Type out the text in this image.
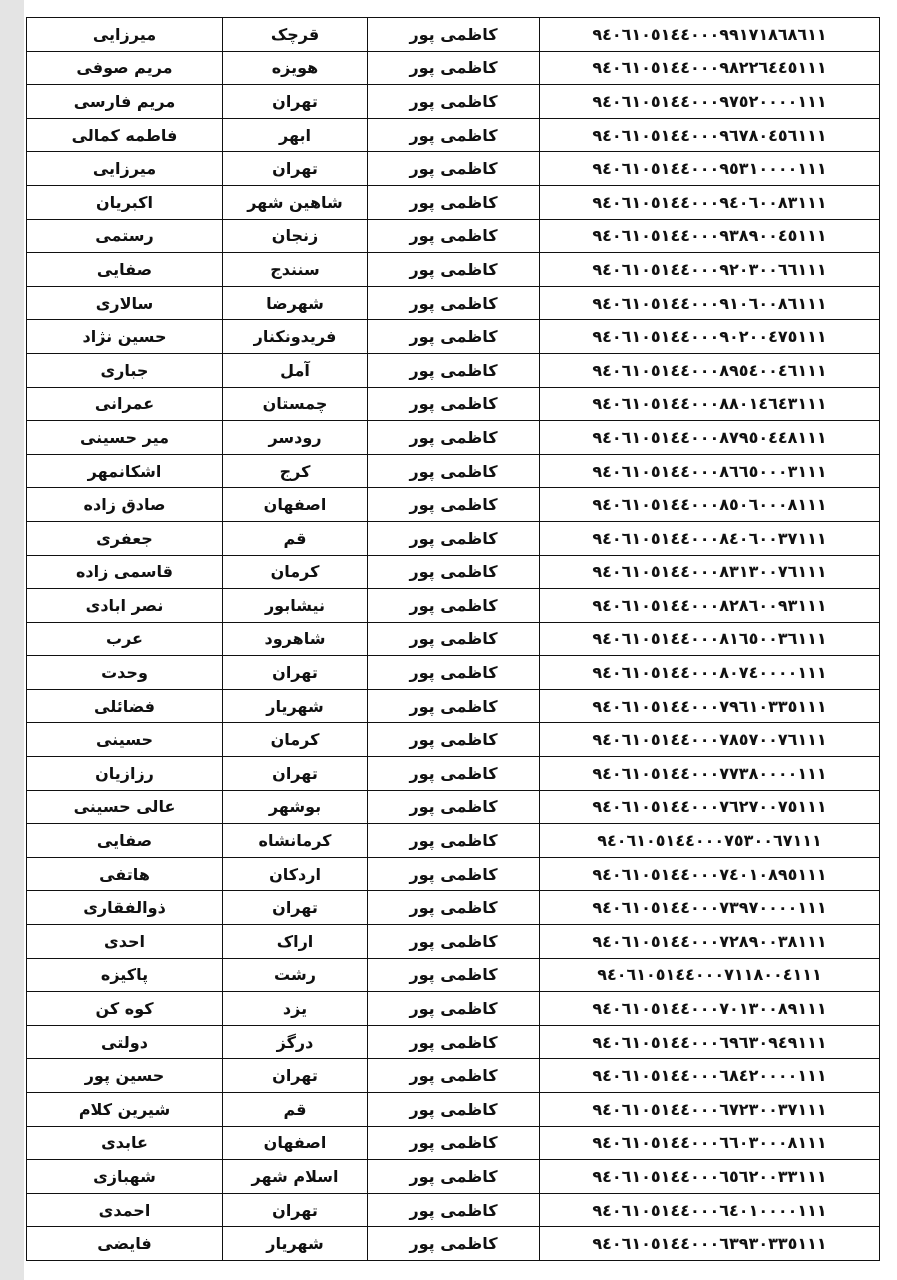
میرزایی	قرچک	کاظمی پور	۹٤۰٦١۰٥١٤٤۰۰۰۹۹١٧١٨٦٨٦١١
مریم صوفی	هویزه	کاظمی پور	۹٤۰٦١۰٥١٤٤۰۰۰۹٨٢٢٦٤٤٥١١١
مریم فارسی	تهران	کاظمی پور	۹٤۰٦١۰٥١٤٤۰۰۰۹٧٥٢۰۰۰۰١١١
فاطمه کمالی	ابهر	کاظمی پور	۹٤۰٦١۰٥١٤٤۰۰۰۹٦٧٨۰٤٥٦١١١
میرزایی	تهران	کاظمی پور	۹٤۰٦١۰٥١٤٤۰۰۰۹٥٣١۰۰۰۰١١١
اکبریان	شاهین شهر	کاظمی پور	۹٤۰٦١۰٥١٤٤۰۰۰۹٤۰٦۰۰٨٣١١١
رستمی	زنجان	کاظمی پور	۹٤۰٦١۰٥١٤٤۰۰۰۹٣٨۹۰۰٤٥١١١
صفایی	سنندج	کاظمی پور	۹٤۰٦١۰٥١٤٤۰۰۰۹٢۰٣۰۰٦٦١١١
سالاری	شهرضا	کاظمی پور	۹٤۰٦١۰٥١٤٤۰۰۰۹١۰٦۰۰٨٦١١١
حسین نژاد	فریدونکنار	کاظمی پور	۹٤۰٦١۰٥١٤٤۰۰۰۹۰٢۰۰٤٧٥١١١
جباری	آمل	کاظمی پور	۹٤۰٦١۰٥١٤٤۰۰۰٨۹٥٤۰۰٤٦١١١
عمرانی	چمستان	کاظمی پور	۹٤۰٦١۰٥١٤٤۰۰۰٨٨۰١٤٦٤٣١١١
میر حسینی	رودسر	کاظمی پور	۹٤۰٦١۰٥١٤٤۰۰۰٨٧۹٥۰٤٤٨١١١
اشکانمهر	کرج	کاظمی پور	۹٤۰٦١۰٥١٤٤۰۰۰٨٦٦٥۰۰۰٣١١١
صادق زاده	اصفهان	کاظمی پور	۹٤۰٦١۰٥١٤٤۰۰۰٨٥۰٦۰۰۰٨١١١
جعفری	قم	کاظمی پور	۹٤۰٦١۰٥١٤٤۰۰۰٨٤۰٦۰۰٣٧١١١
قاسمی زاده	کرمان	کاظمی پور	۹٤۰٦١۰٥١٤٤۰۰۰٨٣١٣۰۰٧٦١١١
نصر ابادی	نیشابور	کاظمی پور	۹٤۰٦١۰٥١٤٤۰۰۰٨٢٨٦۰۰۹٣١١١
عرب	شاهرود	کاظمی پور	۹٤۰٦١۰٥١٤٤۰۰۰٨١٦٥۰۰٣٦١١١
وحدت	تهران	کاظمی پور	۹٤۰٦١۰٥١٤٤۰۰۰٨۰٧٤۰۰۰۰١١١
فضائلی	شهریار	کاظمی پور	۹٤۰٦١۰٥١٤٤۰۰۰٧۹٦١۰٣٣٥١١١
حسینی	کرمان	کاظمی پور	۹٤۰٦١۰٥١٤٤۰۰۰٧٨٥٧۰۰٧٦١١١
رزازیان	تهران	کاظمی پور	۹٤۰٦١۰٥١٤٤۰۰۰٧٧٣٨۰۰۰۰١١١
عالی حسینی	بوشهر	کاظمی پور	۹٤۰٦١۰٥١٤٤۰۰۰٧٦٢٧۰۰٧٥١١١
صفایی	کرمانشاه	کاظمی پور	۹٤۰٦١۰٥١٤٤۰۰۰٧٥٣۰۰٦٧١١١
هاتفی	اردکان	کاظمی پور	۹٤۰٦١۰٥١٤٤۰۰۰٧٤۰١۰٨۹٥١١١
ذوالفقاری	تهران	کاظمی پور	۹٤۰٦١۰٥١٤٤۰۰۰٧٣۹٧۰۰۰۰١١١
احدی	اراک	کاظمی پور	۹٤۰٦١۰٥١٤٤۰۰۰٧٢٨۹۰۰٣٨١١١
پاکیزه	رشت	کاظمی پور	۹٤۰٦١۰٥١٤٤۰۰۰٧١١٨۰۰٤١١١
کوه کن	یزد	کاظمی پور	۹٤۰٦١۰٥١٤٤۰۰۰٧۰١٣۰۰٨۹١١١
دولتی	درگز	کاظمی پور	۹٤۰٦١۰٥١٤٤۰۰۰٦۹٦٣۰۹٤۹١١١
حسین پور	تهران	کاظمی پور	۹٤۰٦١۰٥١٤٤۰۰۰٦٨٤٢۰۰۰۰١١١
شیرین کلام	قم	کاظمی پور	۹٤۰٦١۰٥١٤٤۰۰۰٦٧٢٣۰۰٣٧١١١
عابدی	اصفهان	کاظمی پور	۹٤۰٦١۰٥١٤٤۰۰۰٦٦۰٣۰۰۰٨١١١
شهبازی	اسلام شهر	کاظمی پور	۹٤۰٦١۰٥١٤٤۰۰۰٦٥٦٢۰۰٣٣١١١
احمدی	تهران	کاظمی پور	۹٤۰٦١۰٥١٤٤۰۰۰٦٤۰١۰۰۰۰١١١
فایضی	شهریار	کاظمی پور	۹٤۰٦١۰٥١٤٤۰۰۰٦٣۹٣۰٣٣٥١١١
